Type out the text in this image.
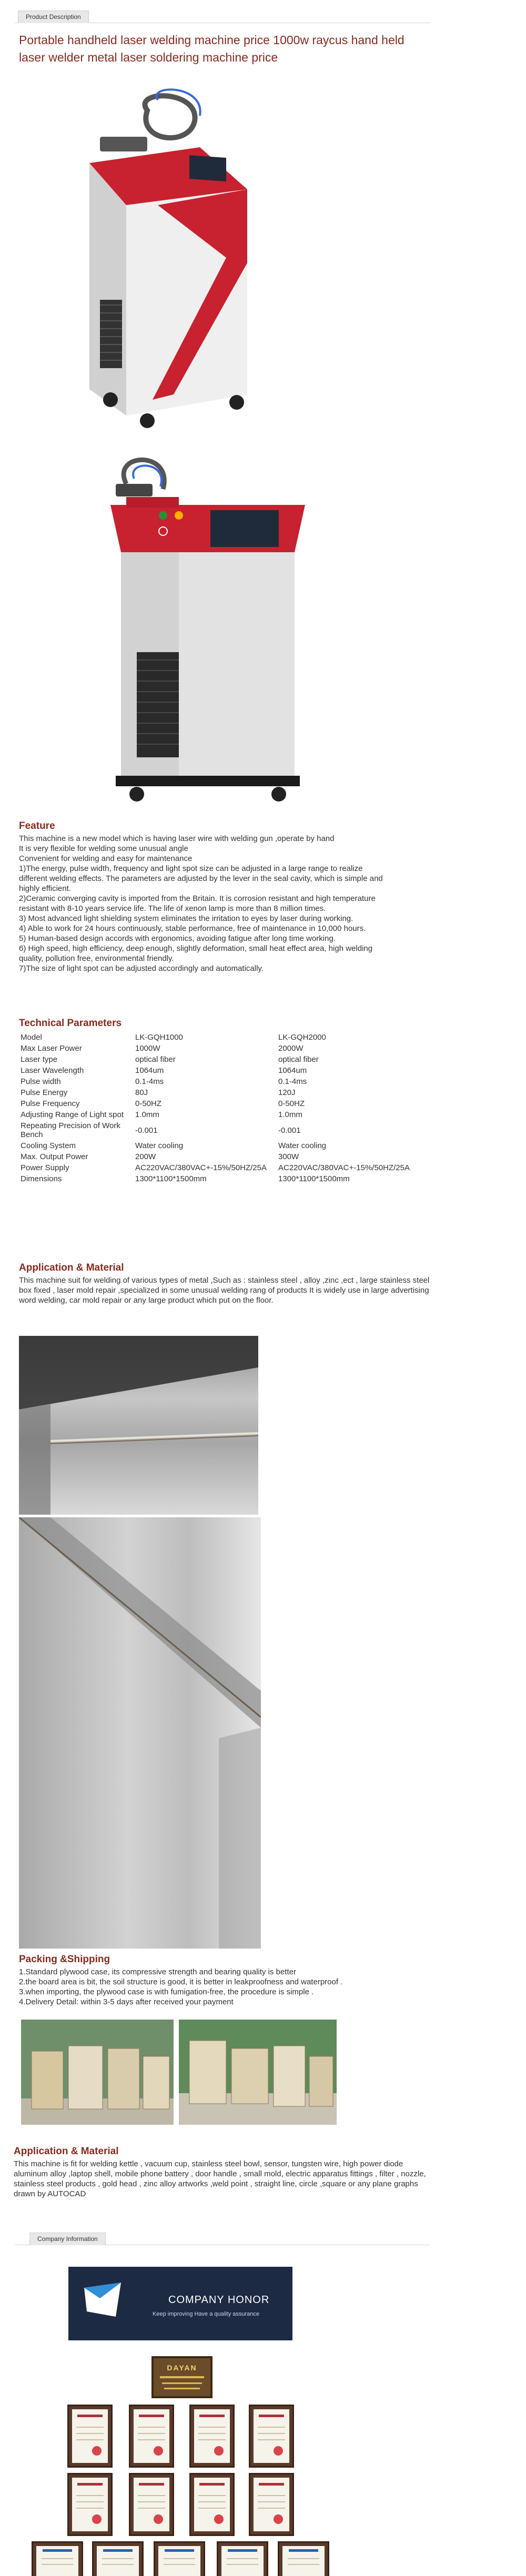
Product Description
Portable handheld laser welding machine price 1000w raycus hand held laser welder metal laser soldering machine price
Laser welder
Feature
This machine is a new model which is having laser wire with welding gun ,operate by hand
It is very flexible for welding some unusual angle
Convenient for welding and easy for maintenance
1)The energy, pulse width, frequency and light spot size can be adjusted in a large range to realize
different welding effects. The parameters are adjusted by the lever in the seal cavity, which is simple and
highly efficient.
2)Ceramic converging cavity is imported from the Britain. It is corrosion resistant and high temperature
resistant with 8-10 years service life. The life of xenon lamp is more than 8 million times.
3) Most advanced light shielding system eliminates the irritation to eyes by laser during working.
4) Able to work for 24 hours continuously, stable performance, free of maintenance in 10,000 hours.
5) Human-based design accords with ergonomics, avoiding fatigue after long time working.
6) High speed, high efficiency, deep enough, slightly deformation, small heat effect area, high welding
quality, pollution free, environmental friendly.
7)The size of light spot can be adjusted accordingly and automatically.
Technical Parameters
Model	LK-GQH1000	LK-GQH2000
Max Laser Power	1000W	2000W
Laser type	optical fiber	optical fiber
Laser Wavelength	1064um	1064um
Pulse width	0.1-4ms	0.1-4ms
Pulse Energy	80J	120J
Pulse Frequency	0-50HZ	0-50HZ
Adjusting Range of Light spot	1.0mm	1.0mm
Repeating Precision of Work Bench	-0.001	-0.001
Cooling System	Water cooling	Water cooling
Max. Output Power	200W	300W
Power Supply	AC220VAC/380VAC+-15%/50HZ/25A	AC220VAC/380VAC+-15%/50HZ/25A
Dimensions	1300*1100*1500mm	1300*1100*1500mm
Application & Material

This machine suit for welding of various types of metal ,Such as : stainless steel , alloy ,zinc ,ect , large stainless steel box fixed , laser mold repair ,specialized in some unusual welding rang of products It is widely use in large advertising word welding, car mold repair or any large product which put on the floor.

Packing &Shipping
1.Standard plywood case, its compressive strength and bearing quality is better
2.the board area is bit, the soil structure is good, it is better in leakproofness and waterproof .
3.when importing, the plywood case is with fumigation-free, the procedure is simple .
4.Delivery Detail: within 3-5 days after received your payment
Application & Material

This machine is fit for welding kettle , vacuum cup, stainless steel bowl, sensor, tungsten wire, high power diode aluminum alloy ,laptop shell, mobile phone battery , door handle , small mold, electric apparatus fittings , filter , nozzle, stainless steel products , gold head , zinc alloy artworks ,weld point , straight line, circle ,square or any plane graphs drawn by AUTOCAD

Company Information
COMPANY HONOR
Keep improving Have a quality assurance
DAYAN
